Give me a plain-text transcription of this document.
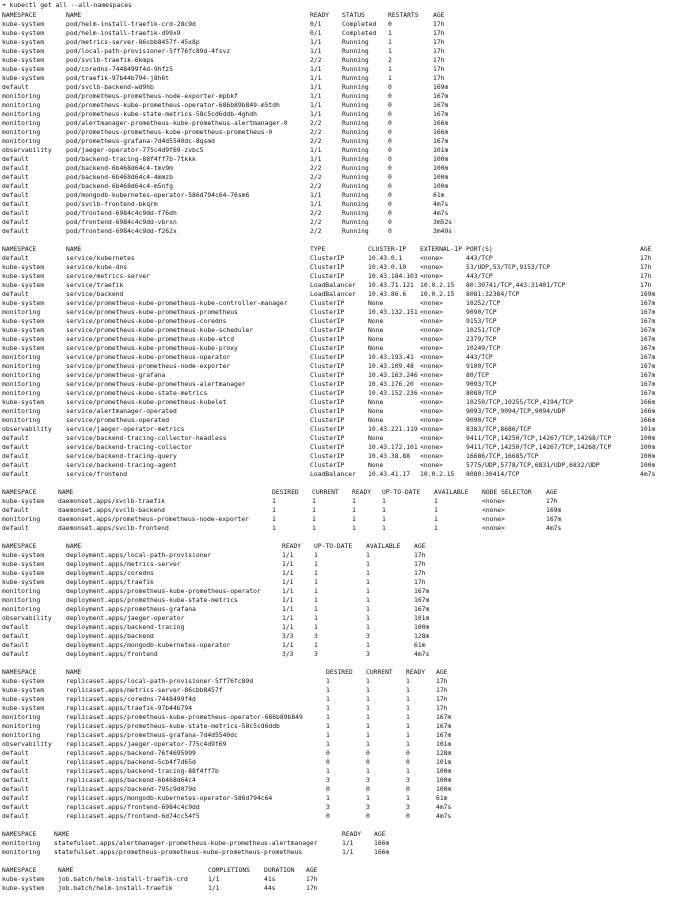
➜ kubectl get all --all-namespaces
NAMESPACE	NAME	READY	STATUS	RESTARTS	AGE
kube-system	pod/helm-install-traefik-crd-28c9d	0/1	Completed	0	17h
kube-system	pod/helm-install-traefik-d99x9	0/1	Completed	1	17h
kube-system	pod/metrics-server-86cbb8457f-45x8p	1/1	Running	1	17h
kube-system	pod/local-path-provisioner-5ff76fc89d-4fsvz	1/1	Running	1	17h
kube-system	pod/svclb-traefik-6kmps	2/2	Running	2	17h
kube-system	pod/coredns-7448499f4d-9hfz5	1/1	Running	1	17h
kube-system	pod/traefik-97b44b794-j8h6t	1/1	Running	1	17h
default	pod/svclb-backend-wd9hb	1/1	Running	0	169m
monitoring	pod/prometheus-prometheus-node-exporter-mpbkf	1/1	Running	0	167m
monitoring	pod/prometheus-kube-prometheus-operator-686b89b849-m5tdh	1/1	Running	0	167m
monitoring	pod/prometheus-kube-state-metrics-58c5cd6ddb-4ghdh	1/1	Running	0	167m
monitoring	pod/alertmanager-prometheus-kube-prometheus-alertmanager-0	2/2	Running	0	166m
monitoring	pod/prometheus-prometheus-kube-prometheus-prometheus-0	2/2	Running	0	166m
monitoring	pod/prometheus-grafana-7d4d5540dc-8qsmd	2/2	Running	0	167m
observability	pod/jaeger-operator-775c4d9f69-zvbc5	1/1	Running	0	101m
default	pod/backend-tracing-88f4ff7b-7tkkk	1/1	Running	0	100m
default	pod/backend-6b468d64c4-tmv9m	2/2	Running	0	100m
default	pod/backend-6b468d64c4-4mmzb	2/2	Running	0	100m
default	pod/backend-6b468d64c4-m5nfg	2/2	Running	0	100m
default	pod/mongodb-kubernetes-operator-586d794c64-76sm6	1/1	Running	0	61m
default	pod/svclb-frontend-bkqrm	1/1	Running	0	4m7s
default	pod/frontend-6984c4c9dd-f76dh	2/2	Running	0	4m7s
default	pod/frontend-6984c4c9dd-vbrxn	2/2	Running	0	3m52s
default	pod/frontend-6984c4c9dd-f262x	2/2	Running	0	3m49s
NAMESPACE	NAME	TYPE	CLUSTER-IP	EXTERNAL-IP	PORT(S)	AGE
default	service/kubernetes	ClusterIP	10.43.0.1	<none>	443/TCP	17h
kube-system	service/kube-dns	ClusterIP	10.43.0.10	<none>	53/UDP,53/TCP,9153/TCP	17h
kube-system	service/metrics-server	ClusterIP	10.43.184.103	<none>	443/TCP	17h
kube-system	service/traefik	LoadBalancer	10.43.71.121	10.0.2.15	80:30741/TCP,443:31401/TCP	17h
default	service/backend	LoadBalancer	10.43.86.6	10.0.2.15	8081:32384/TCP	169m
kube-system	service/prometheus-kube-prometheus-kube-controller-manager	ClusterIP	None	<none>	10252/TCP	167m
monitoring	service/prometheus-kube-prometheus-prometheus	ClusterIP	10.43.132.151	<none>	9090/TCP	167m
kube-system	service/prometheus-kube-prometheus-coredns	ClusterIP	None	<none>	9153/TCP	167m
kube-system	service/prometheus-kube-prometheus-kube-scheduler	ClusterIP	None	<none>	10251/TCP	167m
kube-system	service/prometheus-kube-prometheus-kube-etcd	ClusterIP	None	<none>	2379/TCP	167m
kube-system	service/prometheus-kube-prometheus-kube-proxy	ClusterIP	None	<none>	10249/TCP	167m
monitoring	service/prometheus-kube-prometheus-operator	ClusterIP	10.43.193.41	<none>	443/TCP	167m
monitoring	service/prometheus-prometheus-node-exporter	ClusterIP	10.43.109.48	<none>	9100/TCP	167m
monitoring	service/prometheus-grafana	ClusterIP	10.43.163.246	<none>	80/TCP	167m
monitoring	service/prometheus-kube-prometheus-alertmanager	ClusterIP	10.43.176.20	<none>	9093/TCP	167m
monitoring	service/prometheus-kube-state-metrics	ClusterIP	10.43.152.236	<none>	8080/TCP	167m
kube-system	service/prometheus-kube-prometheus-kubelet	ClusterIP	None	<none>	10250/TCP,10255/TCP,4194/TCP	166m
monitoring	service/alertmanager-operated	ClusterIP	None	<none>	9093/TCP,9094/TCP,9094/UDP	166m
monitoring	service/prometheus-operated	ClusterIP	None	<none>	9090/TCP	166m
observability	service/jaeger-operator-metrics	ClusterIP	10.43.221.119	<none>	8383/TCP,8686/TCP	101m
default	service/backend-tracing-collector-headless	ClusterIP	None	<none>	9411/TCP,14250/TCP,14267/TCP,14268/TCP	100m
default	service/backend-tracing-collector	ClusterIP	10.43.172.101	<none>	9411/TCP,14250/TCP,14267/TCP,14268/TCP	100m
default	service/backend-tracing-query	ClusterIP	10.43.38.88	<none>	16686/TCP,16685/TCP	100m
default	service/backend-tracing-agent	ClusterIP	None	<none>	5775/UDP,5778/TCP,6831/UDP,6832/UDP	100m
default	service/frontend	LoadBalancer	10.43.41.17	10.0.2.15	8080:30414/TCP	4m7s
NAMESPACE	NAME	DESIRED	CURRENT	READY	UP-TO-DATE	AVAILABLE	NODE SELECTOR	AGE
kube-system	daemonset.apps/svclb-traefik	1	1	1	1	1	<none>	17h
default	daemonset.apps/svclb-backend	1	1	1	1	1	<none>	169m
monitoring	daemonset.apps/prometheus-prometheus-node-exporter	1	1	1	1	1	<none>	167m
default	daemonset.apps/svclb-frontend	1	1	1	1	1	<none>	4m7s
NAMESPACE	NAME	READY	UP-TO-DATE	AVAILABLE	AGE
kube-system	deployment.apps/local-path-provisioner	1/1	1	1	17h
kube-system	deployment.apps/metrics-server	1/1	1	1	17h
kube-system	deployment.apps/coredns	1/1	1	1	17h
kube-system	deployment.apps/traefik	1/1	1	1	17h
monitoring	deployment.apps/prometheus-kube-prometheus-operator	1/1	1	1	167m
monitoring	deployment.apps/prometheus-kube-state-metrics	1/1	1	1	167m
monitoring	deployment.apps/prometheus-grafana	1/1	1	1	167m
observability	deployment.apps/jaeger-operator	1/1	1	1	101m
default	deployment.apps/backend-tracing	1/1	1	1	100m
default	deployment.apps/backend	3/3	3	3	128m
default	deployment.apps/mongodb-kubernetes-operator	1/1	1	1	61m
default	deployment.apps/frontend	3/3	3	3	4m7s
NAMESPACE	NAME	DESIRED	CURRENT	READY	AGE
kube-system	replicaset.apps/local-path-provisioner-5ff76fc89d	1	1	1	17h
kube-system	replicaset.apps/metrics-server-86cbb8457f	1	1	1	17h
kube-system	replicaset.apps/coredns-7448499f4d	1	1	1	17h
kube-system	replicaset.apps/traefik-97b44b794	1	1	1	17h
monitoring	replicaset.apps/prometheus-kube-prometheus-operator-686b89b849	1	1	1	167m
monitoring	replicaset.apps/prometheus-kube-state-metrics-58c5cd6ddb	1	1	1	167m
monitoring	replicaset.apps/prometheus-grafana-7d4d5540dc	1	1	1	167m
observability	replicaset.apps/jaeger-operator-775c4d9f69	1	1	1	101m
default	replicaset.apps/backend-76f4695999	0	0	0	128m
default	replicaset.apps/backend-5cb4f7d65d	0	0	0	101m
default	replicaset.apps/backend-tracing-88f4ff7b	1	1	1	100m
default	replicaset.apps/backend-6b468d64c4	3	3	3	100m
default	replicaset.apps/backend-795c9d079d	0	0	0	100m
default	replicaset.apps/mongodb-kubernetes-operator-586d794c64	1	1	1	61m
default	replicaset.apps/frontend-6984c4c9dd	3	3	3	4m7s
default	replicaset.apps/frontend-6d74cc54f5	0	0	0	4m7s
NAMESPACE	NAME	READY	AGE
monitoring	statefulset.apps/alertmanager-prometheus-kube-prometheus-alertmanager	1/1	166m
monitoring	statefulset.apps/prometheus-prometheus-kube-prometheus-prometheus	1/1	166m
NAMESPACE	NAME	COMPLETIONS	DURATION	AGE
kube-system	job.batch/helm-install-traefik-crd	1/1	41s	17h
kube-system	job.batch/helm-install-traefik	1/1	44s	17h
